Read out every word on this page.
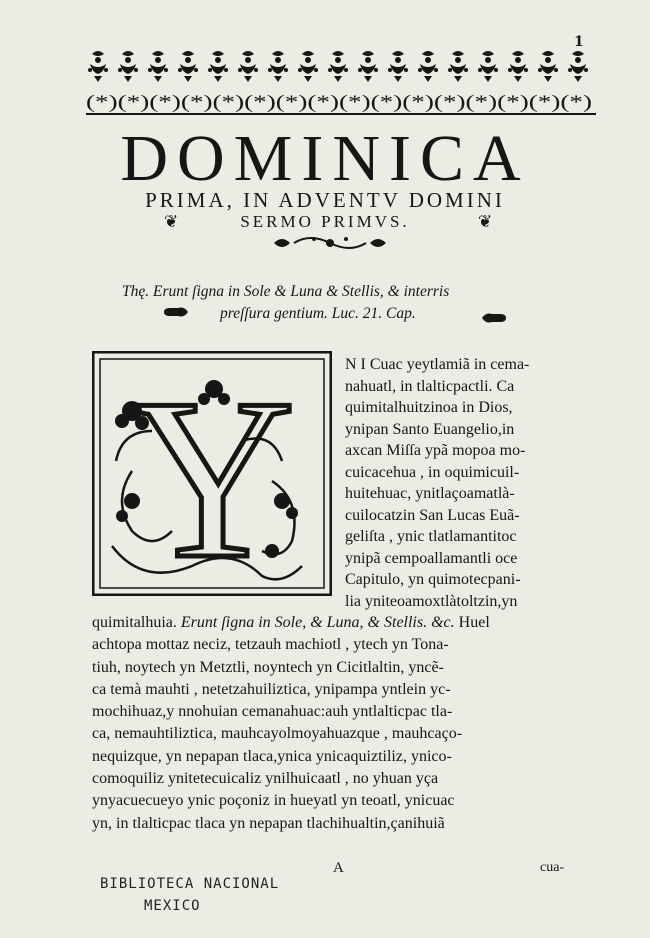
1
(*)(*)(*)(*)(*)(*)(*)(*)(*)(*)(*)(*)(*)(*)(*)(*)
DOMINICA
PRIMA, IN ADVENTV DOMINI
SERMO PRIMVS.
❦	❦
Thę. Erunt ſigna in Sole & Luna & Stellis, & interris
preſſura gentium. Luc. 21. Cap.
Y	N I Cuac yeytlamiã in cema-
nahuatl, in tlalticpactli. Ca
quimitalhuitzinoa in Dios,
ynipan Santo Euangelio,in
axcan Miſſa ypã mopoa mo-
cuicacehua , in oquimicuil-
huitehuac, ynitlaçoamatlà-
cuilocatzin San Lucas Euã-
geliſta , ynic tlatlamantitoc
ynipã cempoallamantli oce
Capitulo, yn quimotecpani-
lia yniteoamoxtlàtoltzin,yn
quimitalhuia. Erunt ſigna in Sole, & Luna, & Stellis. &c. Huel
achtopa mottaz neciz, tetzauh machiotl , ytech yn Tona-
tiuh, noytech yn Metztli, noyntech yn Cicitlaltin, yncẽ-
ca temà mauhti , netetzahuiliztica, ynipampa yntlein yc-
mochihuaz,y nnohuian cemanahuac:auh yntlalticpac tla-
ca, nemauhtiliztica, mauhcayolmoyahuazque , mauhcaço-
nequizque, yn nepapan tlaca,ynica ynicaquiztiliz, ynico-
comoquiliz ynitetecuicaliz ynilhuicaatl , no yhuan yça
ynyacuecueyo ynic poçoniz in hueyatl yn teoatl, ynicuac
yn, in tlalticpac tlaca yn nepapan tlachihualtin,çanihuiã
A	cua-
BIBLIOTECA NACIONAL
MEXICO
